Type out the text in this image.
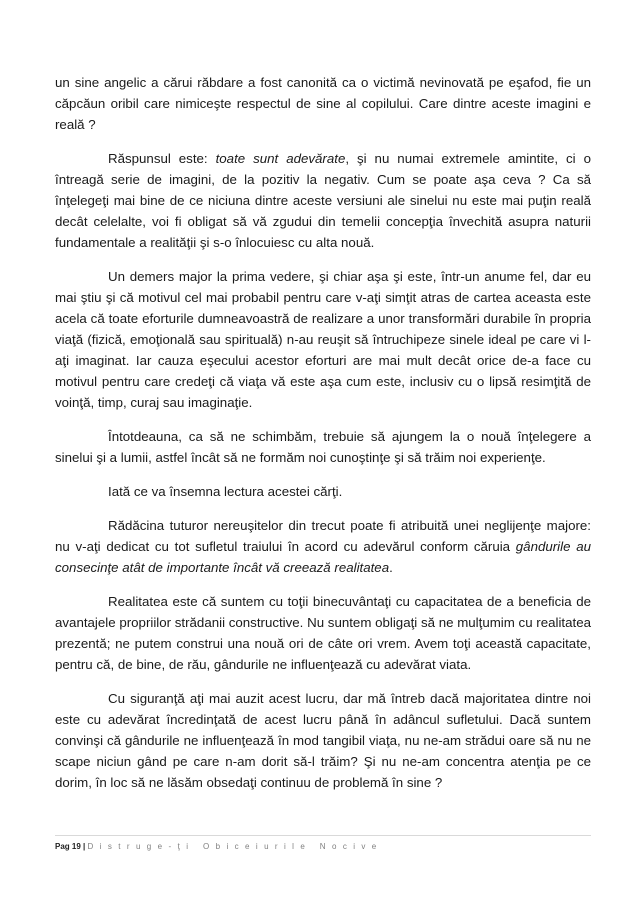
un sine angelic a cărui răbdare a fost canonită ca o victimă nevinovată pe eşafod, fie un căpcăun oribil care nimiceşte respectul de sine al copilului. Care dintre aceste imagini e reală ?

Răspunsul este: toate sunt adevărate, şi nu numai extremele amintite, ci o întreagă serie de imagini, de la pozitiv la negativ. Cum se poate aşa ceva ? Ca să înţelegeţi mai bine de ce niciuna dintre aceste versiuni ale sinelui nu este mai puţin reală decât celelalte, voi fi obligat să vă zgudui din temelii concepţia învechită asupra naturii fundamentale a realităţii şi s-o înlocuiesc cu alta nouă.

Un demers major la prima vedere, şi chiar aşa şi este, într-un anume fel, dar eu mai ştiu şi că motivul cel mai probabil pentru care v-aţi simţit atras de cartea aceasta este acela că toate eforturile dumneavoastră de realizare a unor transformări durabile în propria viaţă (fizică, emoţională sau spirituală) n-au reuşit să întruchipeze sinele ideal pe care vi l-aţi imaginat. Iar cauza eşecului acestor eforturi are mai mult decât orice de-a face cu motivul pentru care credeţi că viaţa vă este aşa cum este, inclusiv cu o lipsă resimţită de voinţă, timp, curaj sau imaginaţie.

Întotdeauna, ca să ne schimbăm, trebuie să ajungem la o nouă înţelegere a sinelui şi a lumii, astfel încât să ne formăm noi cunoştinţe şi să trăim noi experienţe.

Iată ce va însemna lectura acestei cărţi.

Rădăcina tuturor nereuşitelor din trecut poate fi atribuită unei neglijenţe majore: nu v-aţi dedicat cu tot sufletul traiului în acord cu adevărul conform căruia gândurile au consecinţe atât de importante încât vă creează realitatea.

Realitatea este că suntem cu toţii binecuvântaţi cu capacitatea de a beneficia de avantajele propriilor strădanii constructive. Nu suntem obligaţi să ne mulţumim cu realitatea prezentă; ne putem construi una nouă ori de câte ori vrem. Avem toţi această capacitate, pentru că, de bine, de rău, gândurile ne influenţează cu adevărat viata.

Cu siguranţă aţi mai auzit acest lucru, dar mă întreb dacă majoritatea dintre noi este cu adevărat încredinţată de acest lucru până în adâncul sufletului. Dacă suntem convinşi că gândurile ne influenţează în mod tangibil viaţa, nu ne-am strădui oare să nu ne scape niciun gând pe care n-am dorit să-l trăim? Şi nu ne-am concentra atenţia pe ce dorim, în loc să ne lăsăm obsedaţi continuu de problemă în sine ?

Pag 19 | Distruge-ţi Obiceiurile Nocive
